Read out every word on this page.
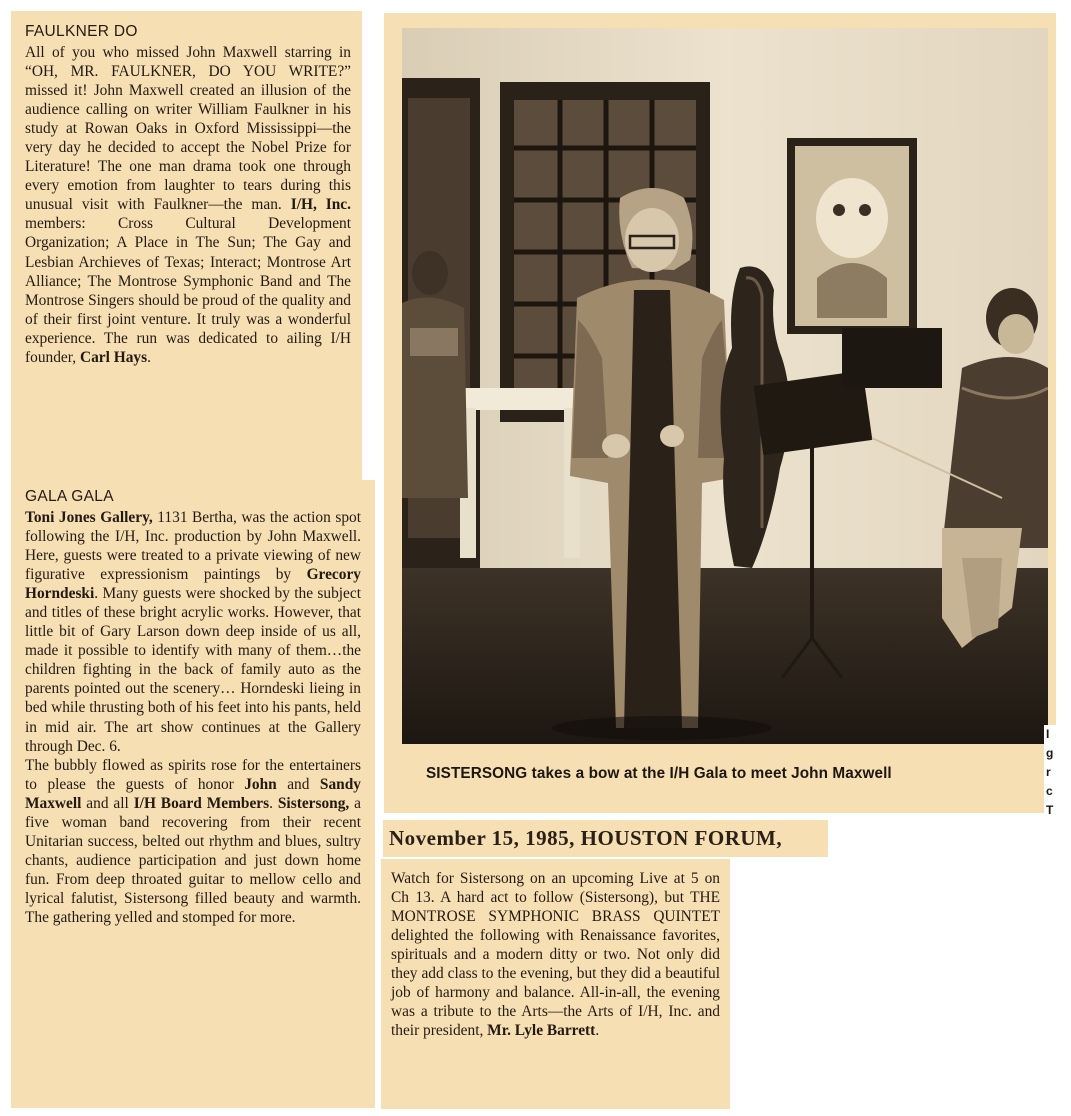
FAULKNER DO

All of you who missed John Maxwell starring in “OH, MR. FAULKNER, DO YOU WRITE?” missed it! John Maxwell created an illusion of the audience calling on writer William Faulkner in his study at Rowan Oaks in Oxford Mississippi—the very day he decided to accept the Nobel Prize for Literature! The one man drama took one through every emotion from laughter to tears during this unusual visit with Faulkner—the man. I/H, Inc. members: Cross Cultural Development Organization; A Place in The Sun; The Gay and Lesbian Archieves of Texas; Interact; Montrose Art Alliance; The Montrose Symphonic Band and The Montrose Singers should be proud of the quality and of their first joint venture. It truly was a wonderful experience. The run was dedicated to ailing I/H founder, Carl Hays.

GALA GALA

Toni Jones Gallery, 1131 Bertha, was the action spot following the I/H, Inc. production by John Maxwell. Here, guests were treated to a private viewing of new figurative expressionism paintings by Grecory Horndeski. Many guests were shocked by the subject and titles of these bright acrylic works. However, that little bit of Gary Larson down deep inside of us all, made it possible to identify with many of them…the children fighting in the back of family auto as the parents pointed out the scenery… Horndeski lieing in bed while thrusting both of his feet into his pants, held in mid air. The art show continues at the Gallery through Dec. 6.

The bubbly flowed as spirits rose for the entertainers to please the guests of honor John and Sandy Maxwell and all I/H Board Members. Sistersong, a five woman band recovering from their recent Unitarian success, belted out rhythm and blues, sultry chants, audience participation and just down home fun. From deep throated guitar to mellow cello and lyrical falutist, Sistersong filled beauty and warmth. The gathering yelled and stomped for more.

SISTERSONG takes a bow at the I/H Gala to meet John Maxwell
I
g
r
c
T
November 15, 1985, HOUSTON FORUM,

Watch for Sistersong on an upcoming Live at 5 on Ch 13. A hard act to follow (Sistersong), but THE MONTROSE SYMPHONIC BRASS QUINTET delighted the following with Renaissance favorites, spirituals and a modern ditty or two. Not only did they add class to the evening, but they did a beautiful job of harmony and balance. All-in-all, the evening was a tribute to the Arts—the Arts of I/H, Inc. and their president, Mr. Lyle Barrett.
